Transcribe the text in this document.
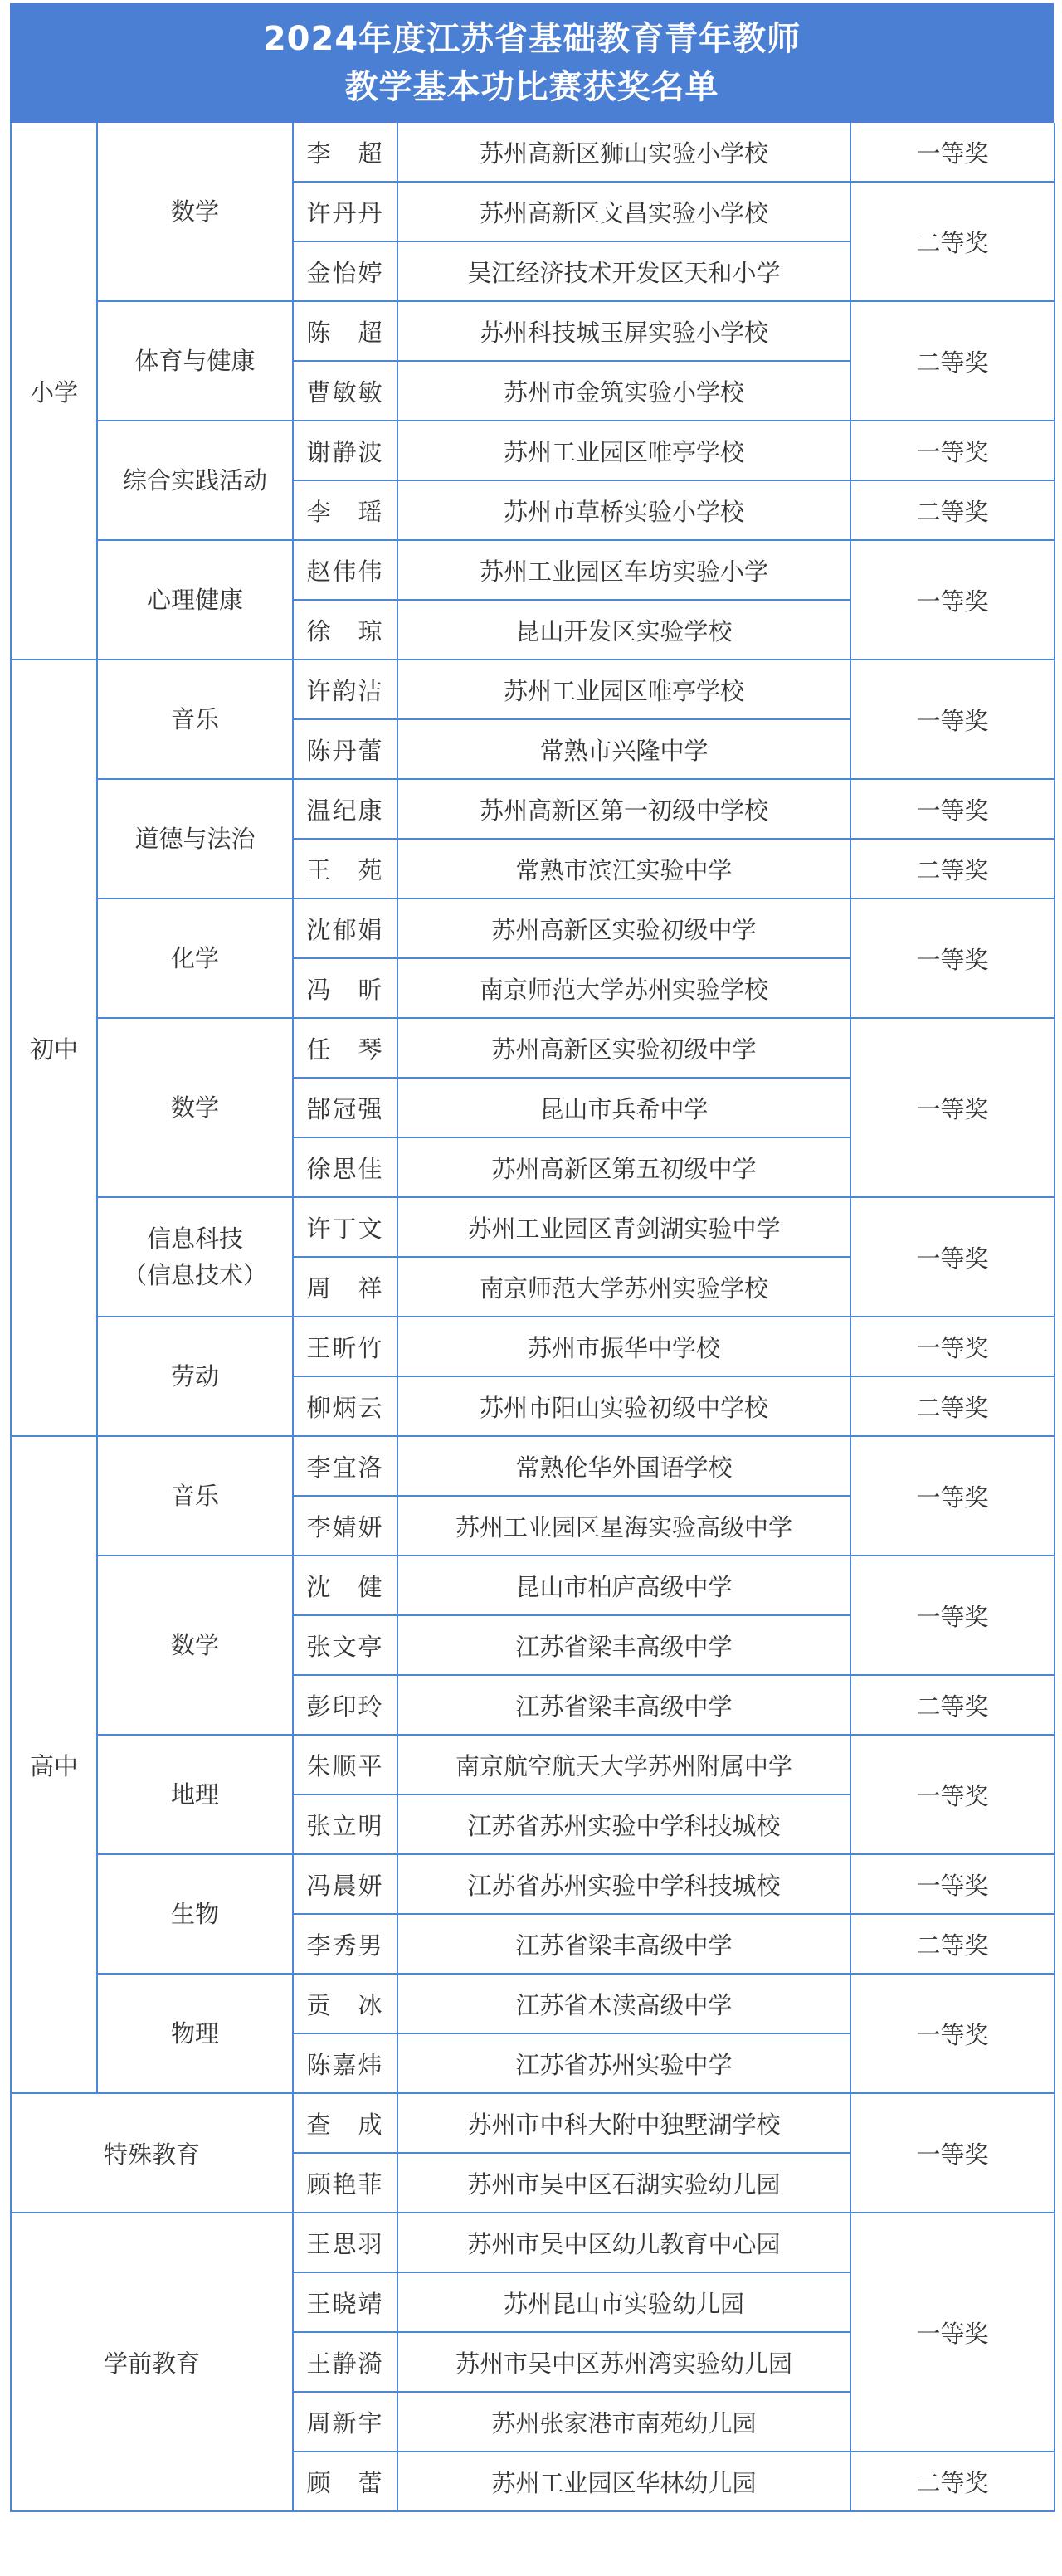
2024年度江苏省基础教育青年教师
教学基本功比赛获奖名单
小学	数学	李　超	苏州高新区狮山实验小学校	一等奖
		许丹丹	苏州高新区文昌实验小学校	二等奖
		金怡婷	吴江经济技术开发区天和小学	
	体育与健康	陈　超	苏州科技城玉屏实验小学校	二等奖
		曹敏敏	苏州市金筑实验小学校	
	综合实践活动	谢静波	苏州工业园区唯亭学校	一等奖
		李　瑶	苏州市草桥实验小学校	二等奖
	心理健康	赵伟伟	苏州工业园区车坊实验小学	一等奖
		徐　琼	昆山开发区实验学校	
初中	音乐	许韵洁	苏州工业园区唯亭学校	一等奖
		陈丹蕾	常熟市兴隆中学	
	道德与法治	温纪康	苏州高新区第一初级中学校	一等奖
		王　苑	常熟市滨江实验中学	二等奖
	化学	沈郁娟	苏州高新区实验初级中学	一等奖
		冯　昕	南京师范大学苏州实验学校	
	数学	任　琴	苏州高新区实验初级中学	一等奖
		郜冠强	昆山市兵希中学	
		徐思佳	苏州高新区第五初级中学	

	信息科技
（信息技术）	许丁文	苏州工业园区青剑湖实验中学	一等奖
		周　祥	南京师范大学苏州实验学校	
	劳动	王昕竹	苏州市振华中学校	一等奖
		柳炳云	苏州市阳山实验初级中学校	二等奖
高中	音乐	李宜洛	常熟伦华外国语学校	一等奖
		李婧妍	苏州工业园区星海实验高级中学	
	数学	沈　健	昆山市柏庐高级中学	一等奖
		张文亭	江苏省梁丰高级中学	
		彭印玲	江苏省梁丰高级中学	二等奖
	地理	朱顺平	南京航空航天大学苏州附属中学	一等奖
		张立明	江苏省苏州实验中学科技城校	
	生物	冯晨妍	江苏省苏州实验中学科技城校	一等奖
		李秀男	江苏省梁丰高级中学	二等奖
	物理	贡　冰	江苏省木渎高级中学	一等奖
		陈嘉炜	江苏省苏州实验中学	
特殊教育		查　成	苏州市中科大附中独墅湖学校	一等奖
		顾艳菲	苏州市吴中区石湖实验幼儿园	
学前教育		王思羽	苏州市吴中区幼儿教育中心园	一等奖
		王晓靖	苏州昆山市实验幼儿园	
		王静漪	苏州市吴中区苏州湾实验幼儿园	
		周新宇	苏州张家港市南苑幼儿园	
		顾　蕾	苏州工业园区华林幼儿园	二等奖
